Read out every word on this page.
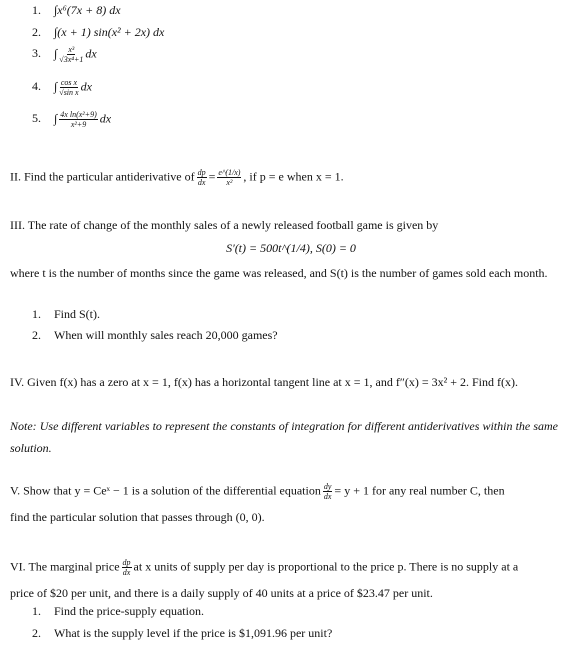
1. ∫x⁶(7x + 8) dx
2. ∫(x + 1) sin(x² + 2x) dx
3. ∫ $\frac{\text{x³}}{\text{√3x⁴+1}}$ dx
4. ∫ $\frac{\text{cos x}}{\text{√sin x}}$ dx
5. ∫ $\frac{\text{4x ln(x²+9)}}{\text{x²+9}}$ dx
II. Find the particular antiderivative of $\frac{dp}{dx} = \frac{e\^{}(1/x)}{\text{x²}}$ , if p = e when x = 1.
III. The rate of change of the monthly sales of a newly released football game is given by
S′(t) = 500t^(1/4), S(0) = 0
where t is the number of months since the game was released, and S(t) is the number of games sold each month.
1. Find S(t).
2. When will monthly sales reach 20,000 games?
IV. Given f(x) has a zero at x = 1, f(x) has a horizontal tangent line at x = 1, and f″(x) = 3x² + 2. Find f(x).
Note: Use different variables to represent the constants of integration for different antiderivatives within the same solution.
V. Show that y = Ceˣ − 1 is a solution of the differential equation $\frac{dy}{dx} = y + 1$ for any real number C, then
find the particular solution that passes through (0, 0).
VI. The marginal price $\frac{dp}{dx}$ at x units of supply per day is proportional to the price p. There is no supply at a
price of $20 per unit, and there is a daily supply of 40 units at a price of $23.47 per unit.
1. Find the price-supply equation.
2. What is the supply level if the price is $1,091.96 per unit?
